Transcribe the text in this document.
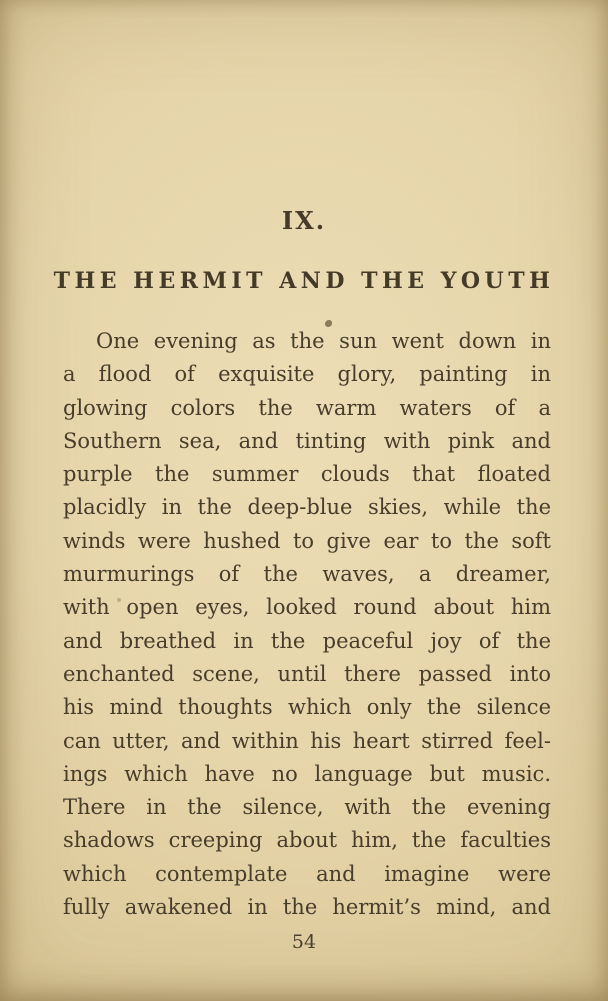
IX.
THE HERMIT AND THE YOUTH
One evening as the sun went down in
a flood of exquisite glory, painting in
glowing colors the warm waters of a
Southern sea, and tinting with pink and
purple the summer clouds that floated
placidly in the deep-blue skies, while the
winds were hushed to give ear to the soft
murmurings of the waves, a dreamer,
with open eyes, looked round about him
and breathed in the peaceful joy of the
enchanted scene, until there passed into
his mind thoughts which only the silence
can utter, and within his heart stirred feel-
ings which have no language but music.
There in the silence, with the evening
shadows creeping about him, the faculties
which contemplate and imagine were
fully awakened in the hermit’s mind, and
54
